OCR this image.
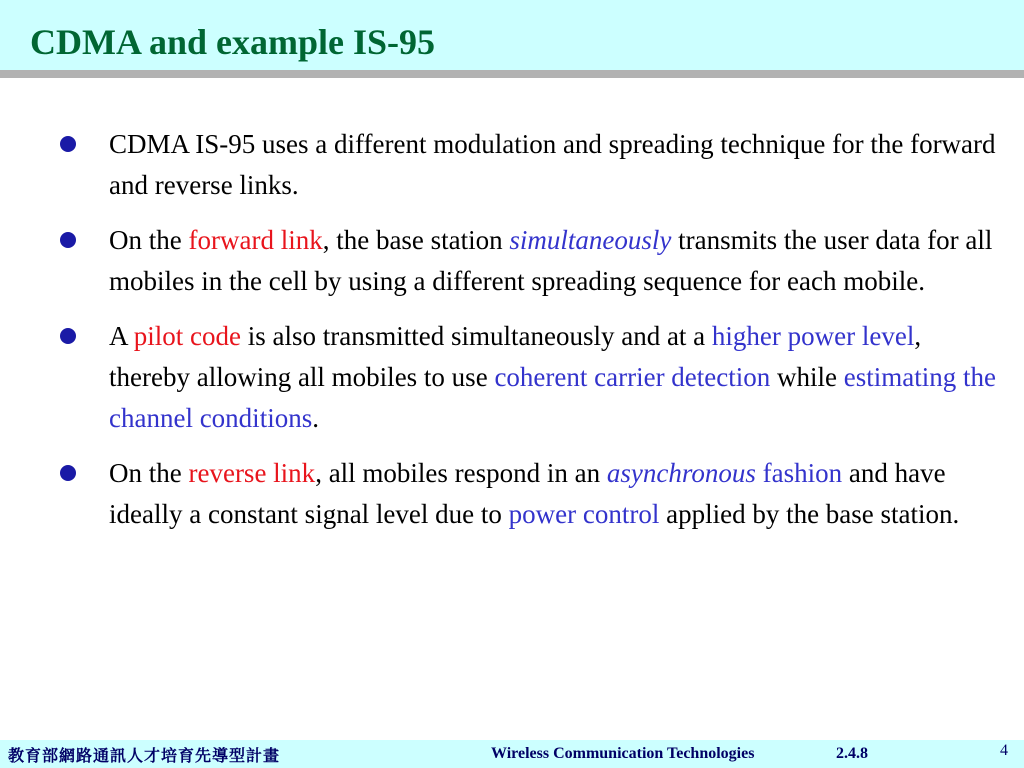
CDMA and example IS-95
CDMA IS-95 uses a different modulation and spreading technique for the forward and reverse links.
On the forward link, the base station simultaneously transmits the user data for all mobiles in the cell by using a different spreading sequence for each mobile.
A pilot code is also transmitted simultaneously and at a higher power level, thereby allowing all mobiles to use coherent carrier detection while estimating the channel conditions.
On the reverse link, all mobiles respond in an asynchronous fashion and have ideally a constant signal level due to power control applied by the base station.
教育部網路通訊人才培育先導型計畫	Wireless Communication Technologies	2.4.8	4
